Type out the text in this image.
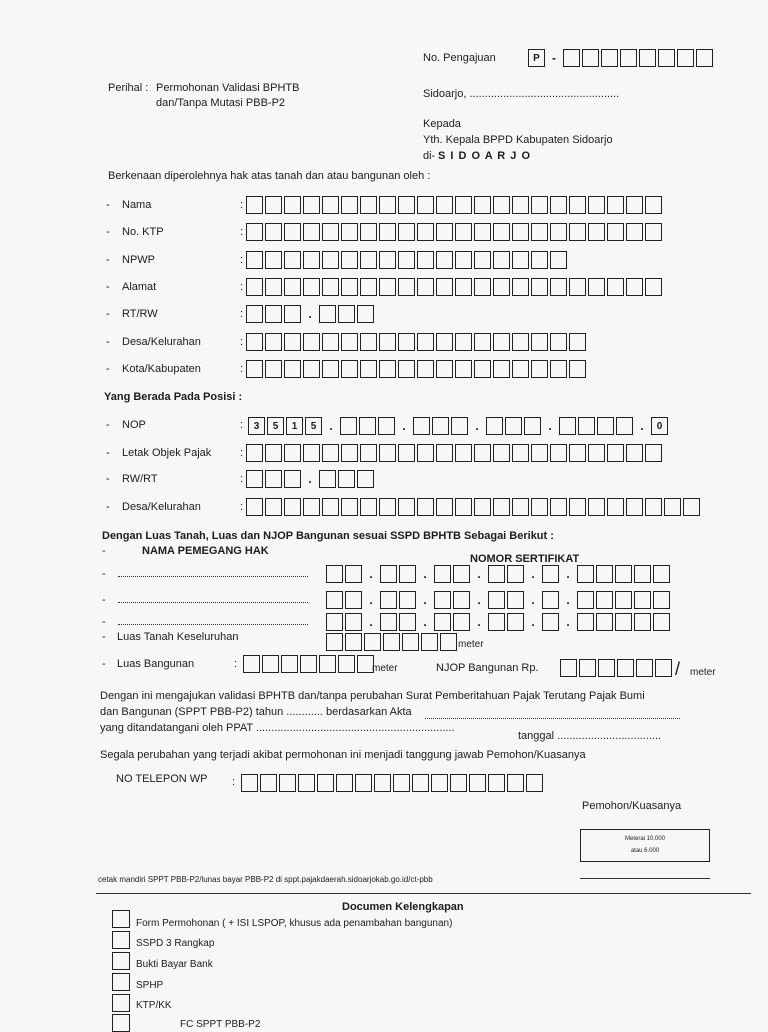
No. Pengajuan	P	-
Perihal : Permohonan Validasi BPHTB
dan/Tanpa Mutasi PBB-P2
Sidoarjo, .................................................
Kepada
Yth. Kepala BPPD Kabupaten Sidoarjo
di- S I D O A R J O
Berkenaan diperolehnya hak atas tanah dan atau bangunan oleh :
- Nama	:
- No. KTP	:
- NPWP	:
- Alamat	:
- RT/RW	:	.
- Desa/Kelurahan	:
- Kota/Kabupaten	:
Yang Berada Pada Posisi :
- NOP	:	3	5	1	5	.	.	.	.	.	0
- Letak Objek Pajak	:
- RW/RT	:	.
- Desa/Kelurahan	:
Dengan Luas Tanah, Luas dan NJOP Bangunan sesuai SSPD BPHTB Sebagai Berikut :
-	NAMA PEMEGANG HAK
NOMOR SERTIFIKAT
-	.	.	.	.	.
-	.	.	.	.	.
-	.	.	.	.	.
- Luas Tanah Keseluruhan
meter
- Luas Bangunan	:	meter	NJOP Bangunan Rp.	/ meter
Dengan ini mengajukan validasi BPHTB dan/tanpa perubahan Surat Pemberitahuan Pajak Terutang Pajak Bumi
dan Bangunan (SPPT PBB-P2) tahun ............ berdasarkan Akta
yang ditandatangani oleh PPAT .................................................................
tanggal ..................................
Segala perubahan yang terjadi akibat permohonan ini menjadi tanggung jawab Pemohon/Kuasanya
NO TELEPON WP :
Pemohon/Kuasanya
Meterai 10.000
atau 6.000
cetak mandiri SPPT PBB-P2/lunas bayar PBB-P2 di sppt.pajakdaerah.sidoarjokab.go.id/ct-pbb
Documen Kelengkapan
Form Permohonan ( + ISI LSPOP, khusus ada penambahan bangunan)
SSPD 3 Rangkap
Bukti Bayar Bank
SPHP
KTP/KK
FC SPPT PBB-P2
